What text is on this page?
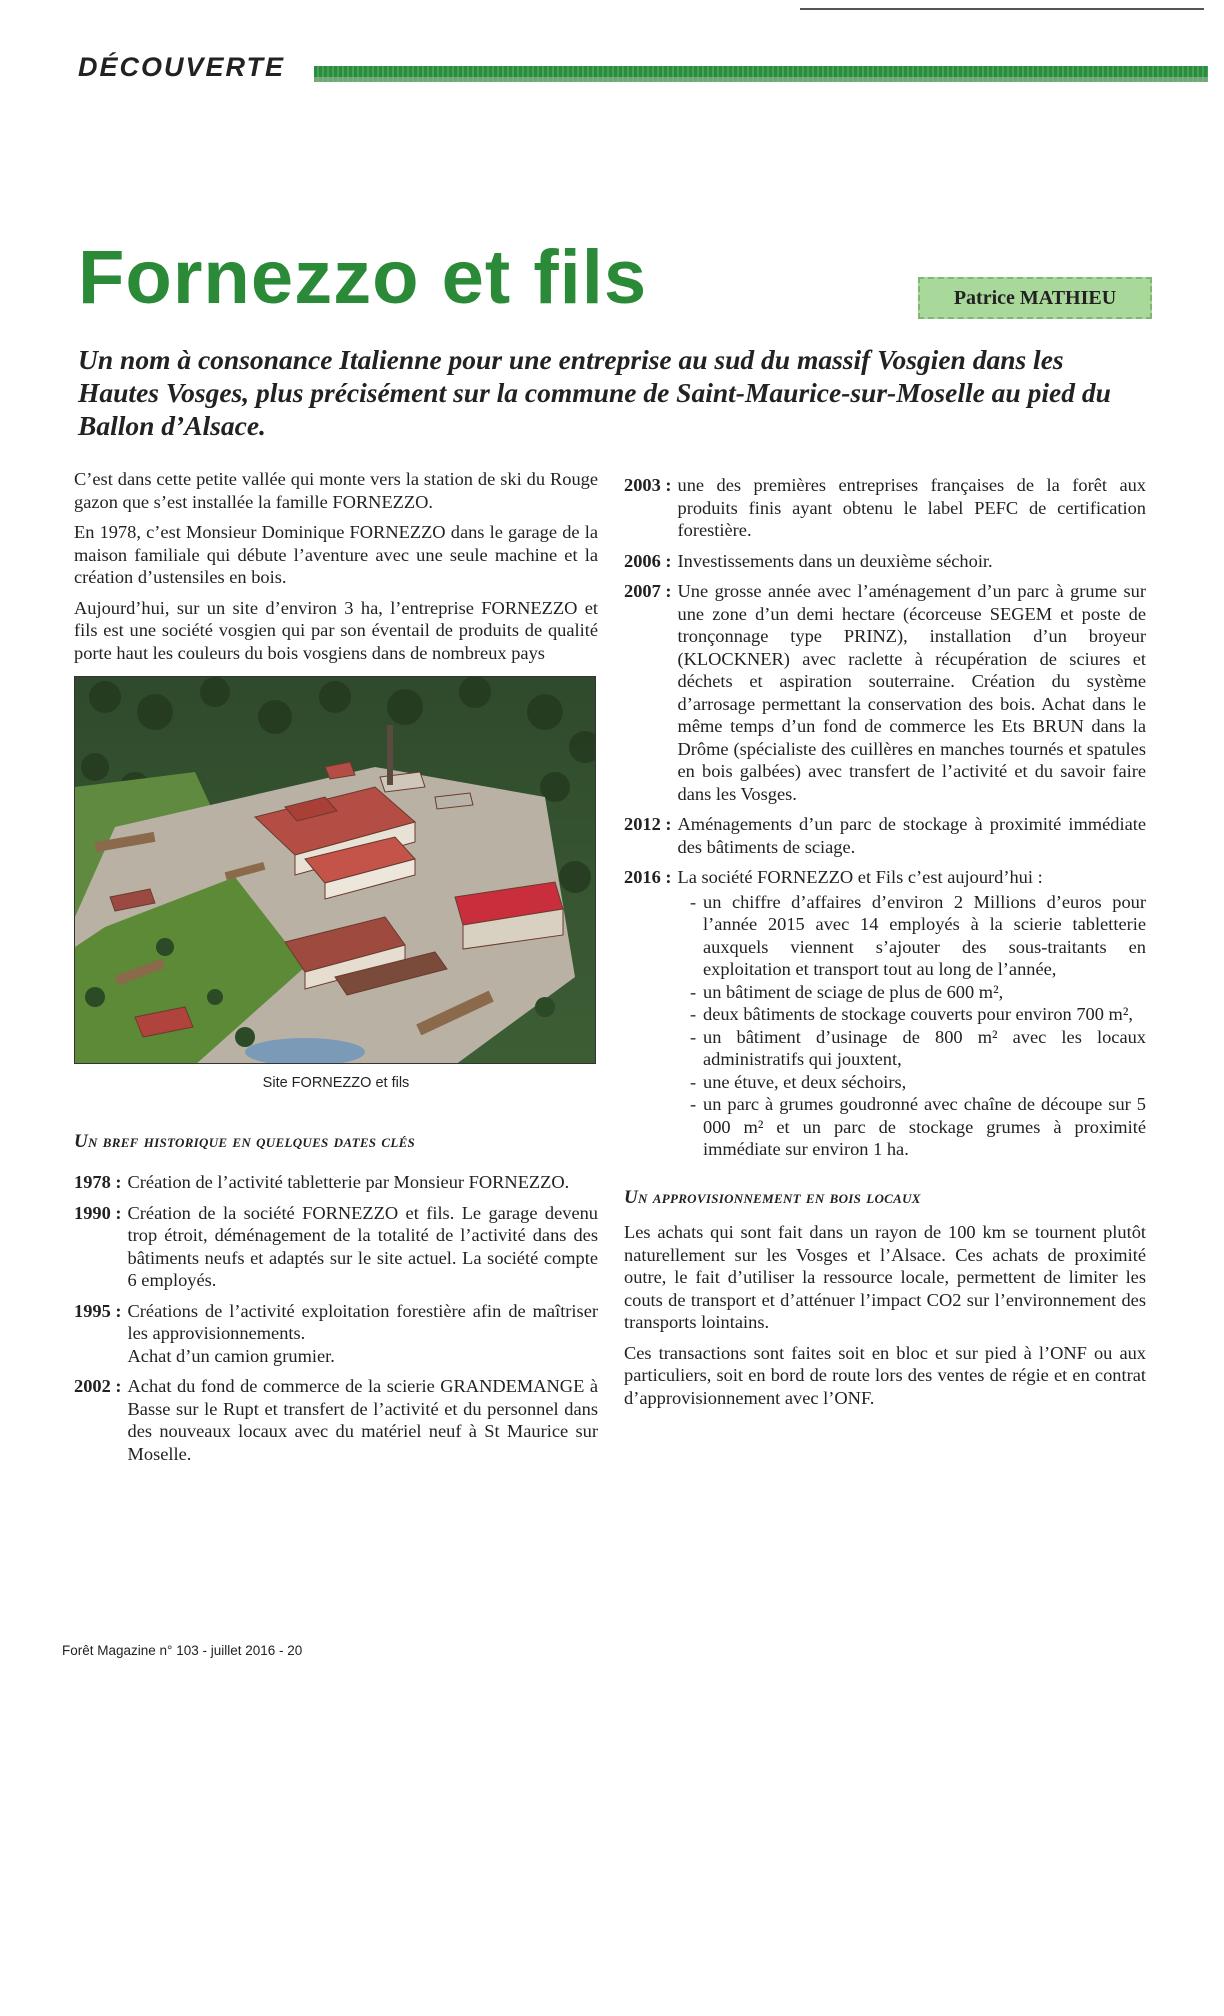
DÉCOUVERTE
Fornezzo et fils	Patrice MATHIEU

Un nom à consonance Italienne pour une entreprise au sud du massif Vosgien dans les Hautes Vosges, plus précisément sur la commune de Saint-Maurice-sur-Moselle au pied du Ballon d’Alsace.

C’est dans cette petite vallée qui monte vers la station de ski du Rouge gazon que s’est installée la famille FORNEZZO.

En 1978, c’est Monsieur Dominique FORNEZZO dans le garage de la maison familiale qui débute l’aventure avec une seule machine et la création d’ustensiles en bois.

Aujourd’hui, sur un site d’environ 3 ha, l’entreprise FORNEZZO et fils est une société vosgien qui par son éventail de produits de qualité porte haut les couleurs du bois vosgiens dans de nombreux pays

Site FORNEZZO et fils
Un bref historique en quelques dates clés
1978 : Création de l’activité tabletterie par Monsieur FORNEZZO.
1990 : Création de la société FORNEZZO et fils. Le garage devenu trop étroit, déménagement de la totalité de l’activité dans des bâtiments neufs et adaptés sur le site actuel. La société compte 6 employés.
1995 : Créations de l’activité exploitation forestière afin de maîtriser les approvisionnements.
Achat d’un camion grumier.
2002 : Achat du fond de commerce de la scierie GRANDEMANGE à Basse sur le Rupt et transfert de l’activité et du personnel dans des nouveaux locaux avec du matériel neuf à St Maurice sur Moselle.
2003 : une des premières entreprises françaises de la forêt aux produits finis ayant obtenu le label PEFC de certification forestière.
2006 : Investissements dans un deuxième séchoir.
2007 : Une grosse année avec l’aménagement d’un parc à grume sur une zone d’un demi hectare (écorceuse SEGEM et poste de tronçonnage type PRINZ), installation d’un broyeur (KLOCKNER) avec raclette à récupération de sciures et déchets et aspiration souterraine. Création du système d’arrosage permettant la conservation des bois. Achat dans le même temps d’un fond de commerce les Ets BRUN dans la Drôme (spécialiste des cuillères en manches tournés et spatules en bois galbées) avec transfert de l’activité et du savoir faire dans les Vosges.
2012 : Aménagements d’un parc de stockage à proximité immédiate des bâtiments de sciage.
2016 : La société FORNEZZO et Fils c’est aujourd’hui :
- un chiffre d’affaires d’environ 2 Millions d’euros pour l’année 2015 avec 14 employés à la scierie tabletterie auxquels viennent s’ajouter des sous-traitants en exploitation et transport tout au long de l’année,
- un bâtiment de sciage de plus de 600 m²,
- deux bâtiments de stockage couverts pour environ 700 m²,
- un bâtiment d’usinage de 800 m² avec les locaux administratifs qui jouxtent,
- une étuve, et deux séchoirs,
- un parc à grumes goudronné avec chaîne de découpe sur 5 000 m² et un parc de stockage grumes à proximité immédiate sur environ 1 ha.
Un approvisionnement en bois locaux

Les achats qui sont fait dans un rayon de 100 km se tournent plutôt naturellement sur les Vosges et l’Alsace. Ces achats de proximité outre, le fait d’utiliser la ressource locale, permettent de limiter les couts de transport et d’atténuer l’impact CO2 sur l’environnement des transports lointains.

Ces transactions sont faites soit en bloc et sur pied à l’ONF ou aux particuliers, soit en bord de route lors des ventes de régie et en contrat d’approvisionnement avec l’ONF.

Forêt Magazine n° 103 - juillet 2016 - 20
